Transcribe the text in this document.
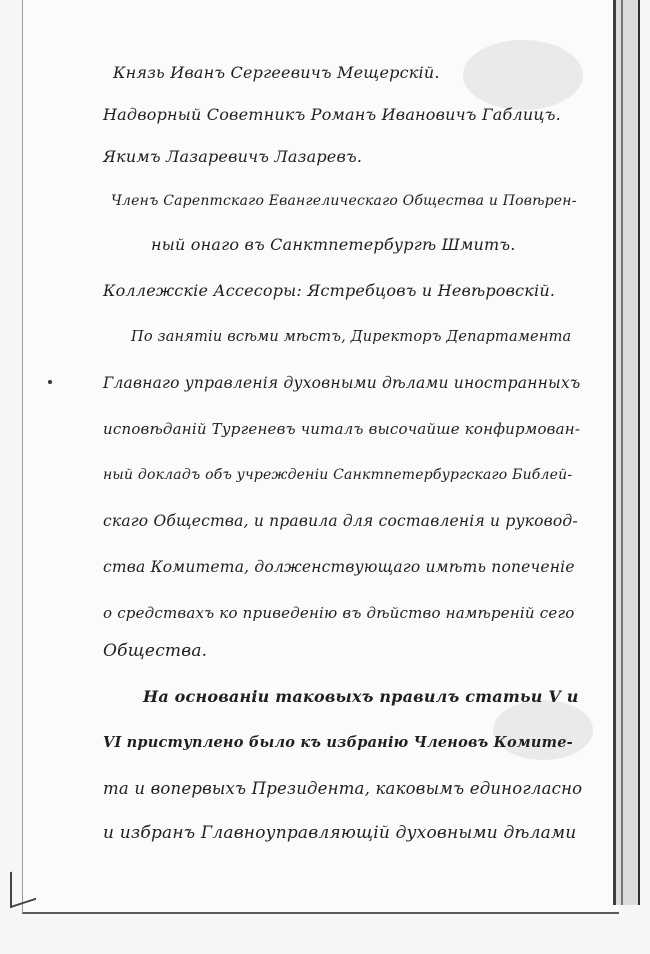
Князь Иванъ Сергеевичъ Мещерскій.
Надворный Советникъ Романъ Ивановичъ Габлицъ.
Якимъ Лазаревичъ Лазаревъ.
Членъ Сарептскаго Евангелическаго Общества и Повѣрен-
ный онаго въ Санктпетербургѣ Шмитъ.
Коллежскіе Ассесоры: Ястребцовъ и Невѣровскій.
По занятіи всѣми мѣстъ, Директоръ Департамента
Главнаго управленія духовными дѣлами иностранныхъ
исповѣданій Тургеневъ читалъ высочайше конфирмован-
ный докладъ объ учрежденіи Санктпетербургскаго Библей-
скаго Общества, и правила для составленія и руковод-
ства Комитета, долженствующаго имѣть попеченіе
о средствахъ ко приведенію въ дѣйство намѣреній сего
Общества.
На основаніи таковыхъ правилъ статьи V и
VI приступлено было къ избранію Членовъ Комите-
та и вопервыхъ Президента, каковымъ единогласно
и избранъ Главноуправляющій духовными дѣлами
